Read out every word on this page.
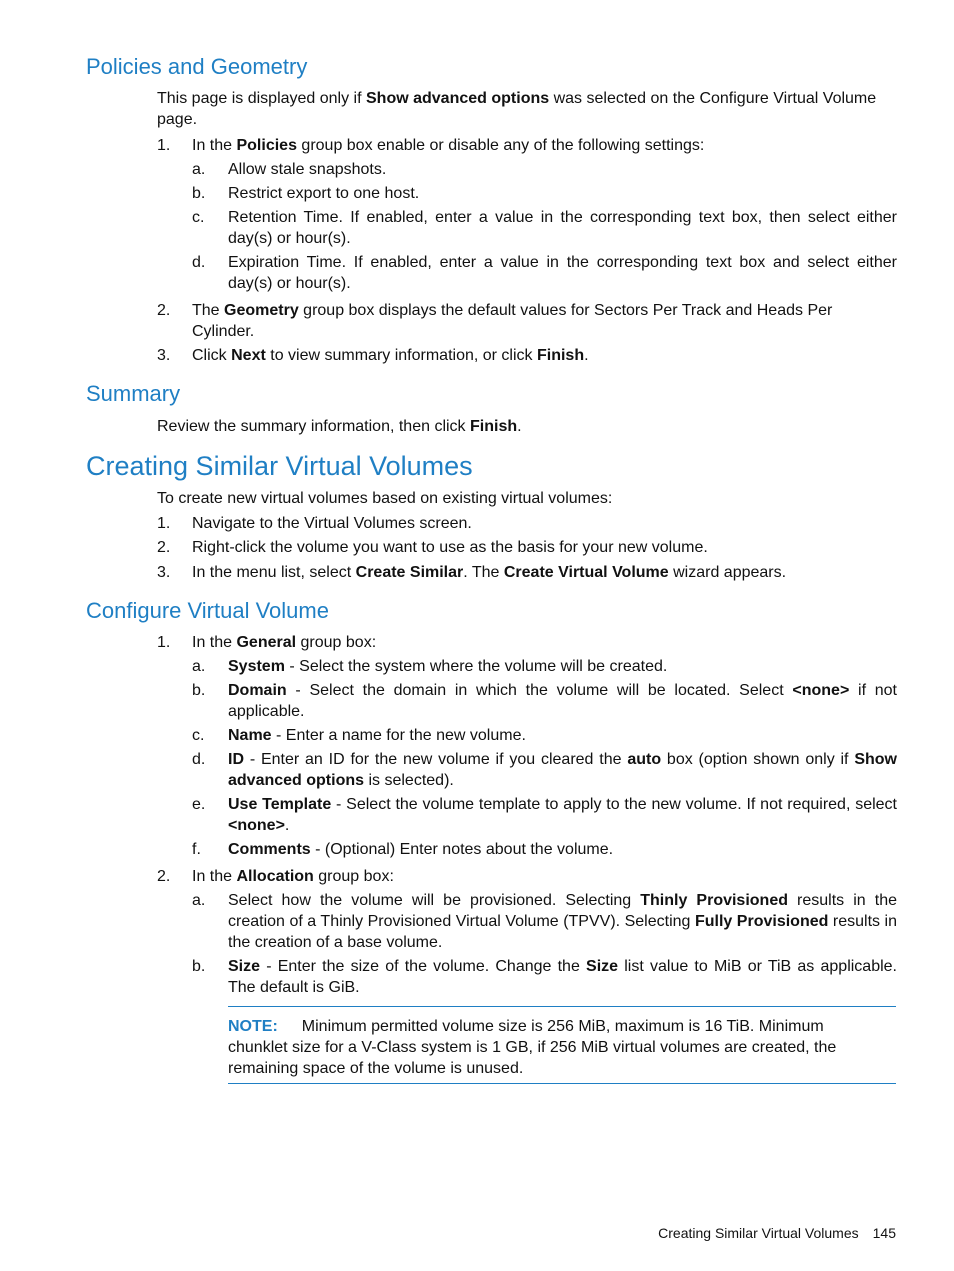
Policies and Geometry
This page is displayed only if Show advanced options was selected on the Configure Virtual Volume page.
1. In the Policies group box enable or disable any of the following settings:
a. Allow stale snapshots.
b. Restrict export to one host.
c. Retention Time. If enabled, enter a value in the corresponding text box, then select either day(s) or hour(s).
d. Expiration Time. If enabled, enter a value in the corresponding text box and select either day(s) or hour(s).
2. The Geometry group box displays the default values for Sectors Per Track and Heads Per Cylinder.
3. Click Next to view summary information, or click Finish.
Summary
Review the summary information, then click Finish.
Creating Similar Virtual Volumes
To create new virtual volumes based on existing virtual volumes:
1. Navigate to the Virtual Volumes screen.
2. Right-click the volume you want to use as the basis for your new volume.
3. In the menu list, select Create Similar. The Create Virtual Volume wizard appears.
Configure Virtual Volume
1. In the General group box:
a. System - Select the system where the volume will be created.
b. Domain - Select the domain in which the volume will be located. Select <none> if not applicable.
c. Name - Enter a name for the new volume.
d. ID - Enter an ID for the new volume if you cleared the auto box (option shown only if Show advanced options is selected).
e. Use Template - Select the volume template to apply to the new volume. If not required, select <none>.
f. Comments - (Optional) Enter notes about the volume.
2. In the Allocation group box:
a. Select how the volume will be provisioned. Selecting Thinly Provisioned results in the creation of a Thinly Provisioned Virtual Volume (TPVV). Selecting Fully Provisioned results in the creation of a base volume.
b. Size - Enter the size of the volume. Change the Size list value to MiB or TiB as applicable. The default is GiB.
NOTE: Minimum permitted volume size is 256 MiB, maximum is 16 TiB. Minimum chunklet size for a V-Class system is 1 GB, if 256 MiB virtual volumes are created, the remaining space of the volume is unused.
Creating Similar Virtual Volumes 145
